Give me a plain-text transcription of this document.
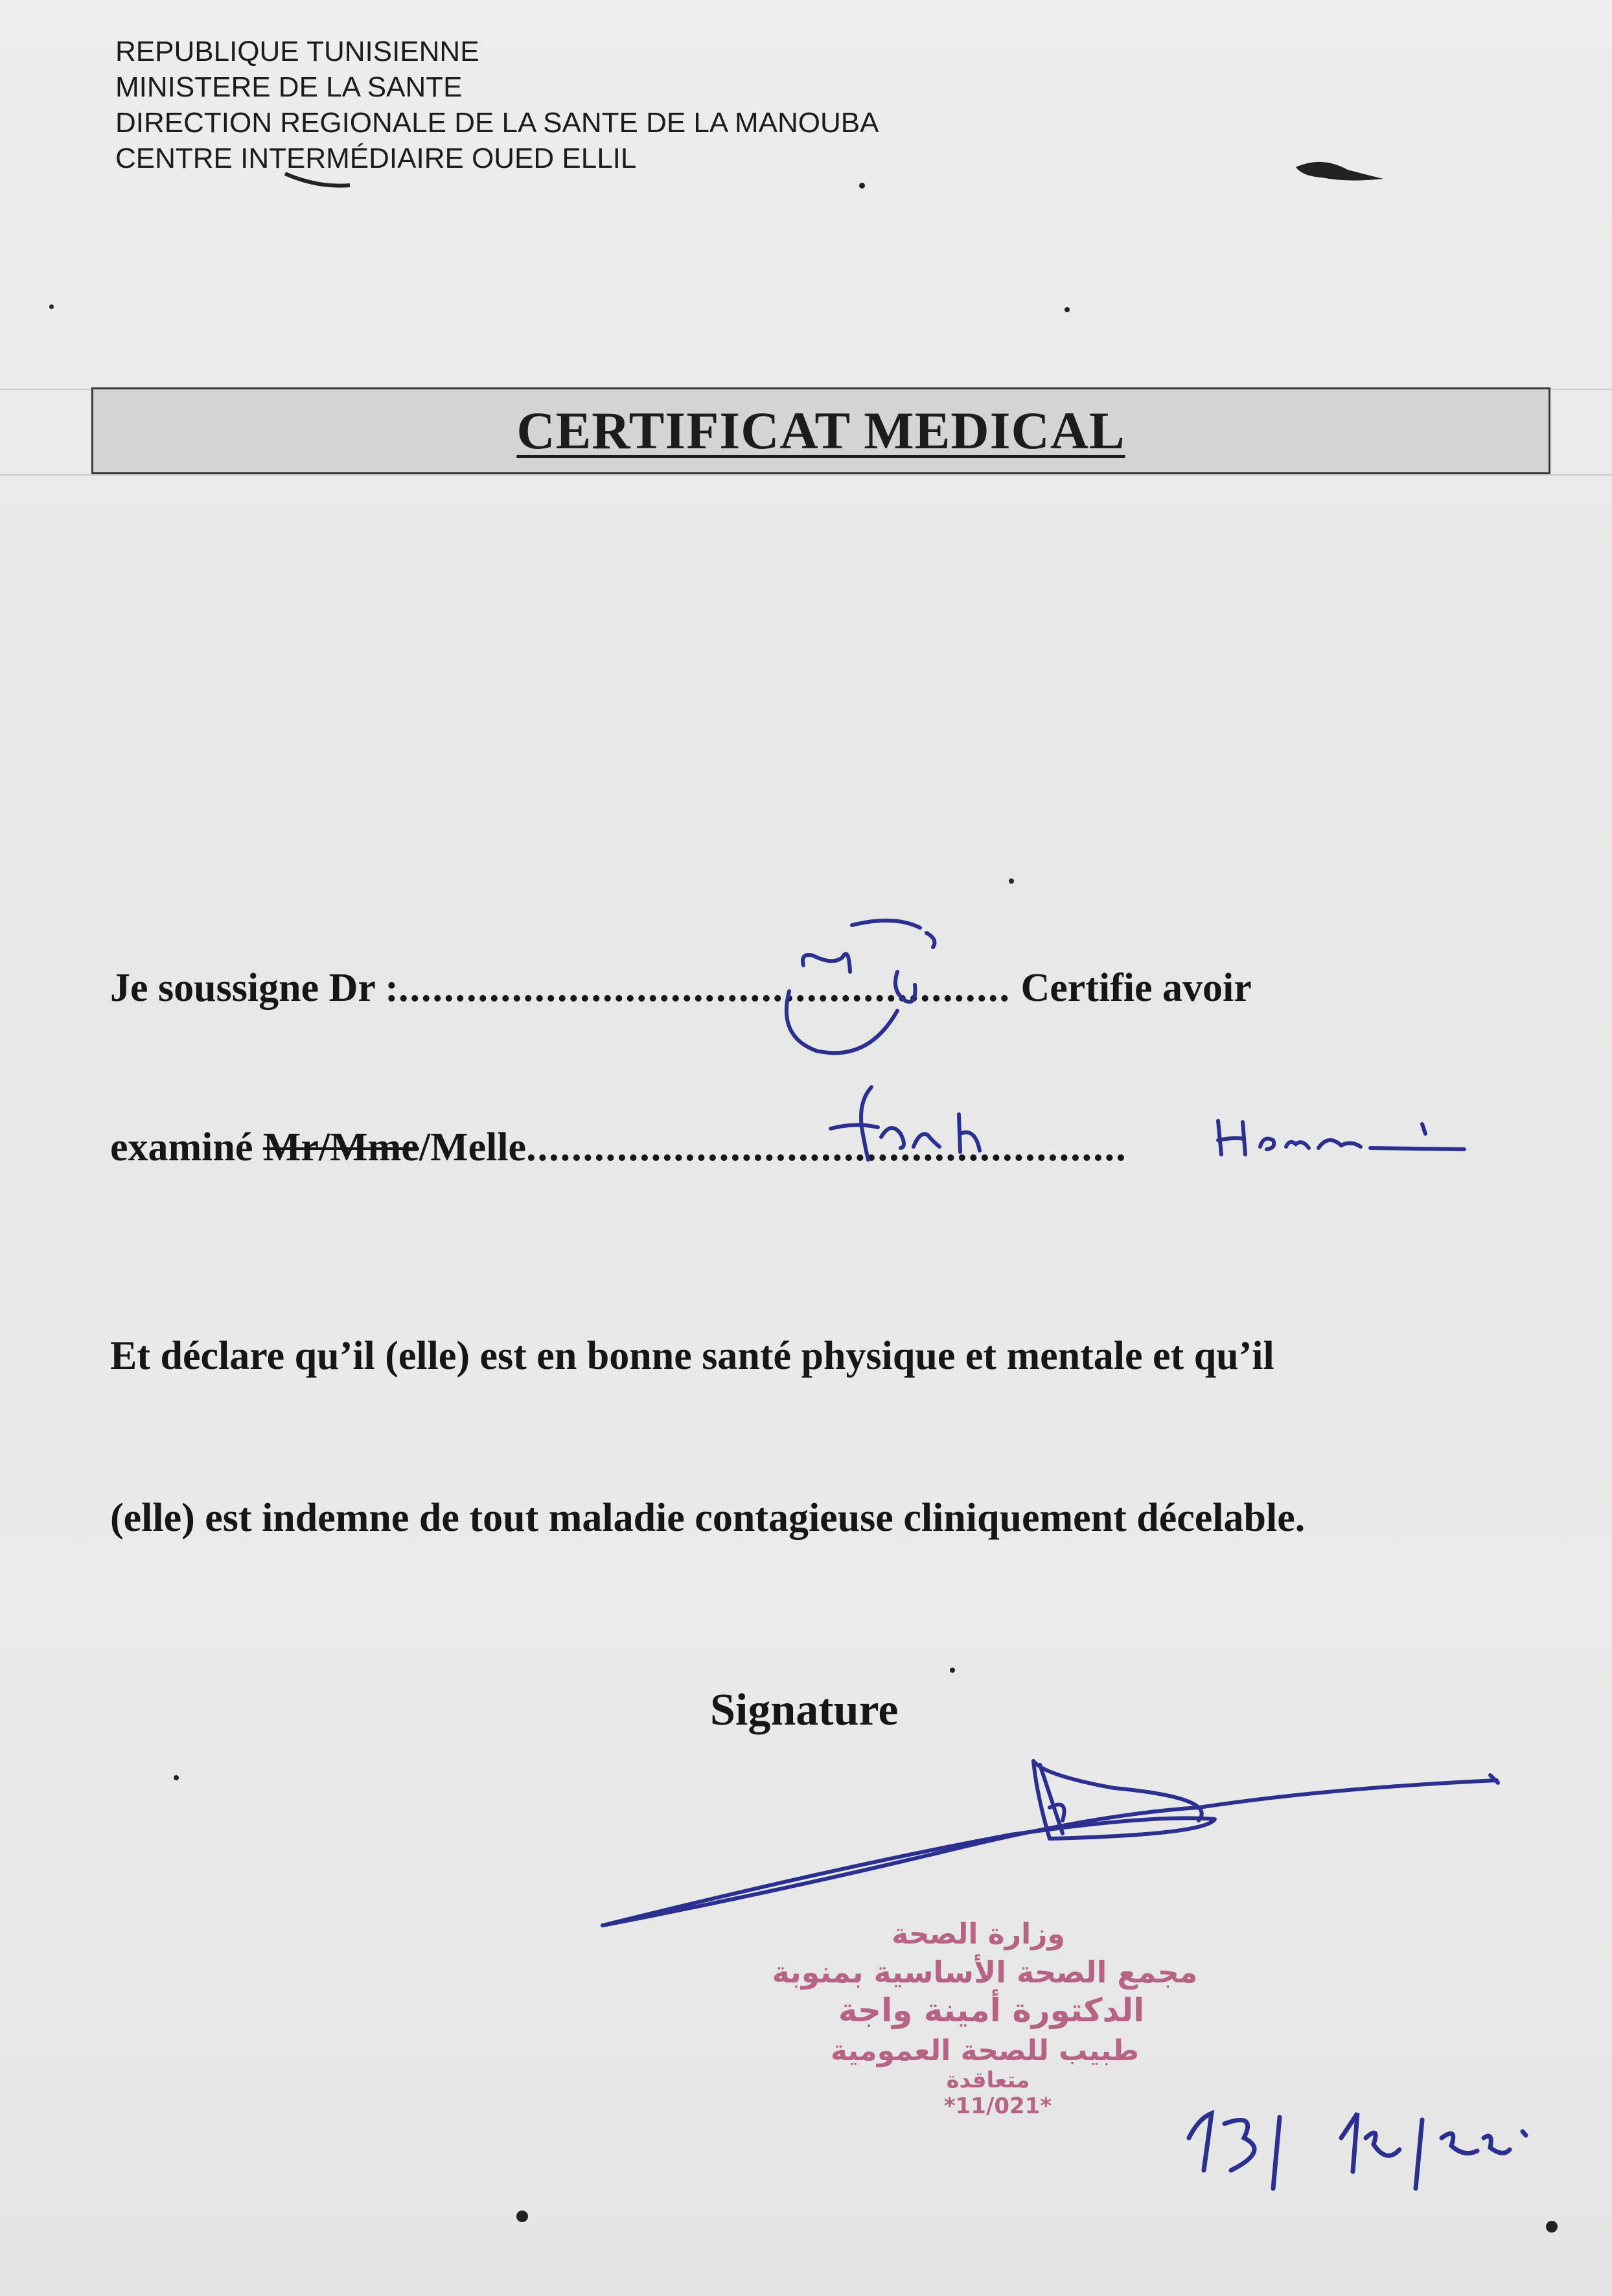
REPUBLIQUE TUNISIENNE
MINISTERE DE LA SANTE
DIRECTION REGIONALE DE LA SANTE DE LA MANOUBA
CENTRE INTERMÉDIAIRE OUED ELLIL
CERTIFICAT MEDICAL
Je soussigne Dr :...................................................... Certifie avoir
examiné Mr/Mme/Melle.....................................................
Et déclare qu’il (elle) est en bonne santé physique et mentale et qu’il
(elle) est indemne de tout maladie contagieuse cliniquement décelable.
Signature
وزارة الصحة
مجمع الصحة الأساسية بمنوبة
الدكتورة أمينة واجة
طبيب للصحة العمومية
متعاقدة
*11/021*
